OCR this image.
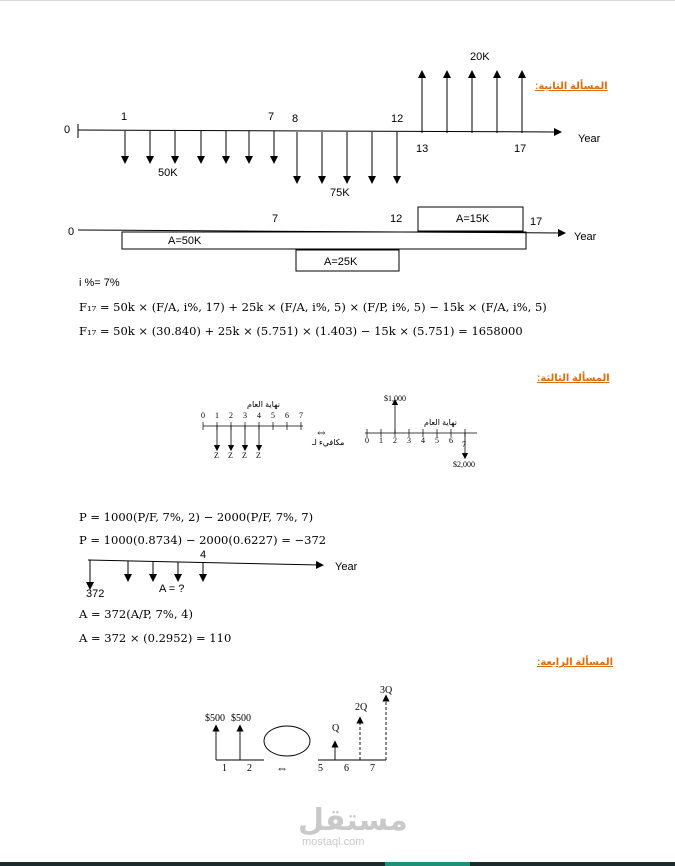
المسألة الثانية:
0
1	7 8	12
13	17
Year
50K
75K
20K
0
7	12	17
Year
A=15K
A=50K
A=25K
i %= 7%
F₁₇ = 50k × (F/A, i%, 17) + 25k × (F/A, i%, 5) × (F/P, i%, 5) − 15k × (F/A, i%, 5)
F₁₇ = 50k × (30.840) + 25k × (5.751) × (1.403) − 15k × (5.751) = 1658000
المسألة الثالثة:
⇔
0 1 2 3 4 5 6 7
نهاية العام
Z Z Z Z
مكافيء لـ
$1,000
نهاية العام
0 1 2 3 4 5 6 7
$2,000
P = 1000(P/F, 7%, 2) − 2000(P/F, 7%, 7)
P = 1000(0.8734) − 2000(0.6227) = −372
4
Year
372	A = ?
A = 372(A/P, 7%, 4)
A = 372 × (0.2952) = 110
المسألة الرابعة:
⇔
$500 $500
Q
2Q
3Q
1 2	5 6 7
مستقل
mostaql.com
